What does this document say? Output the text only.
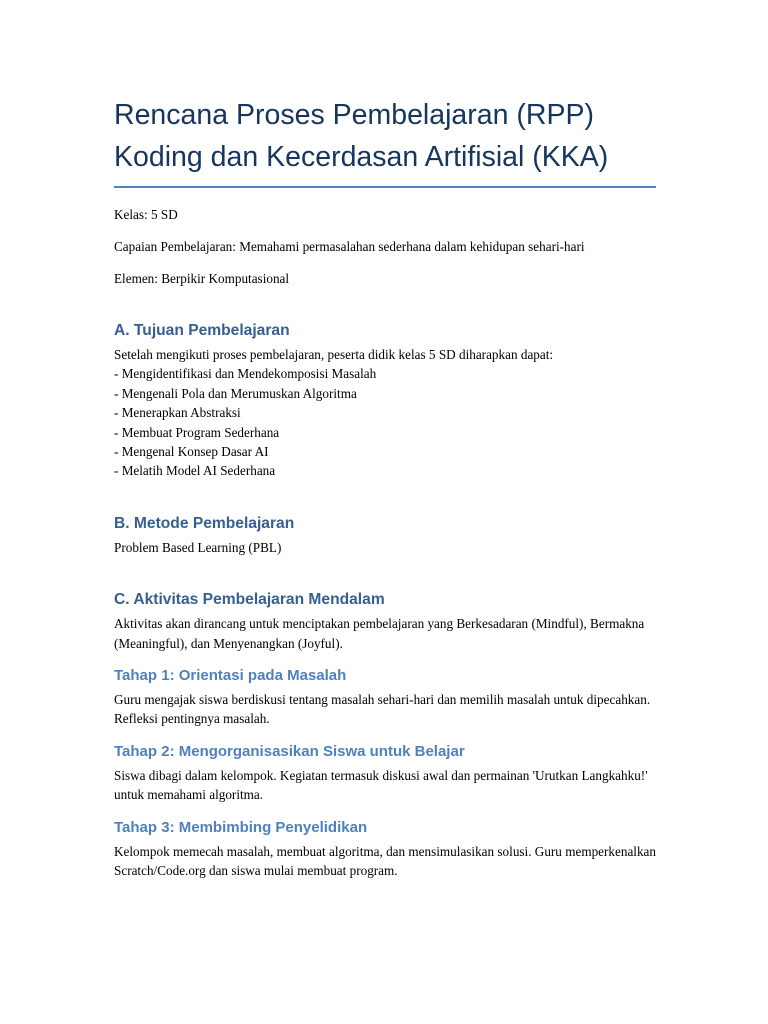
Rencana Proses Pembelajaran (RPP)
Koding dan Kecerdasan Artifisial (KKA)

Kelas: 5 SD

Capaian Pembelajaran: Memahami permasalahan sederhana dalam kehidupan sehari-hari

Elemen: Berpikir Komputasional

A. Tujuan Pembelajaran

Setelah mengikuti proses pembelajaran, peserta didik kelas 5 SD diharapkan dapat:

- Mengidentifikasi dan Mendekomposisi Masalah
- Mengenali Pola dan Merumuskan Algoritma
- Menerapkan Abstraksi
- Membuat Program Sederhana
- Mengenal Konsep Dasar AI
- Melatih Model AI Sederhana
B. Metode Pembelajaran

Problem Based Learning (PBL)

C. Aktivitas Pembelajaran Mendalam

Aktivitas akan dirancang untuk menciptakan pembelajaran yang Berkesadaran (Mindful), Bermakna (Meaningful), dan Menyenangkan (Joyful).

Tahap 1: Orientasi pada Masalah

Guru mengajak siswa berdiskusi tentang masalah sehari-hari dan memilih masalah untuk dipecahkan. Refleksi pentingnya masalah.

Tahap 2: Mengorganisasikan Siswa untuk Belajar

Siswa dibagi dalam kelompok. Kegiatan termasuk diskusi awal dan permainan 'Urutkan Langkahku!' untuk memahami algoritma.

Tahap 3: Membimbing Penyelidikan

Kelompok memecah masalah, membuat algoritma, dan mensimulasikan solusi. Guru memperkenalkan Scratch/Code.org dan siswa mulai membuat program.
